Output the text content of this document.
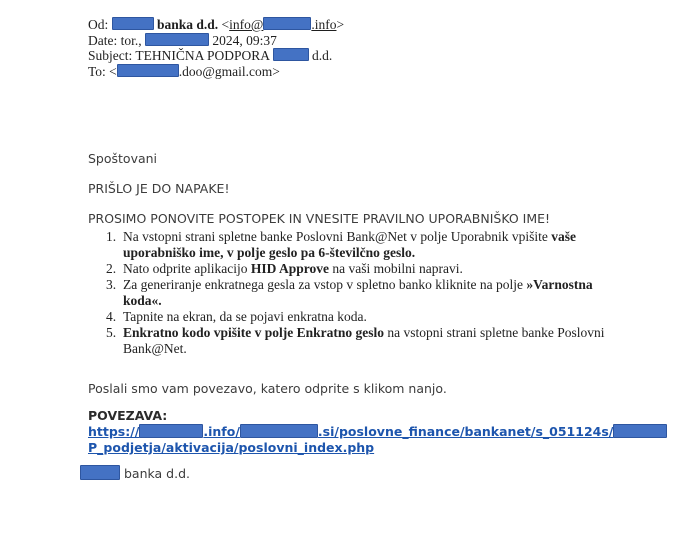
Od:	banka d.d. <info@	.info>
Date: tor.,	2024, 09:37
Subject: TEHNIČNA PODPORA	d.d.
To: <	.doo@gmail.com>
Spoštovani
PRIŠLO JE DO NAPAKE!
PROSIMO PONOVITE POSTOPEK IN VNESITE PRAVILNO UPORABNIŠKO IME!
1. Na vstopni strani spletne banke Poslovni Bank@Net v polje Uporabnik vpišite vaše uporabniško ime, v polje geslo pa 6-številčno geslo.
2. Nato odprite aplikacijo HID Approve na vaši mobilni napravi.
3. Za generiranje enkratnega gesla za vstop v spletno banko kliknite na polje »Varnostna koda«.
4. Tapnite na ekran, da se pojavi enkratna koda.
5. Enkratno kodo vpišite v polje Enkratno geslo na vstopni strani spletne banke Poslovni Bank@Net.
Poslali smo vam povezavo, katero odprite s klikom nanjo.
POVEZAVA:
https://	.info/	.si/poslovne_finance/bankanet/s_051124s/
P_podjetja/aktivacija/poslovni_index.php
banka d.d.
